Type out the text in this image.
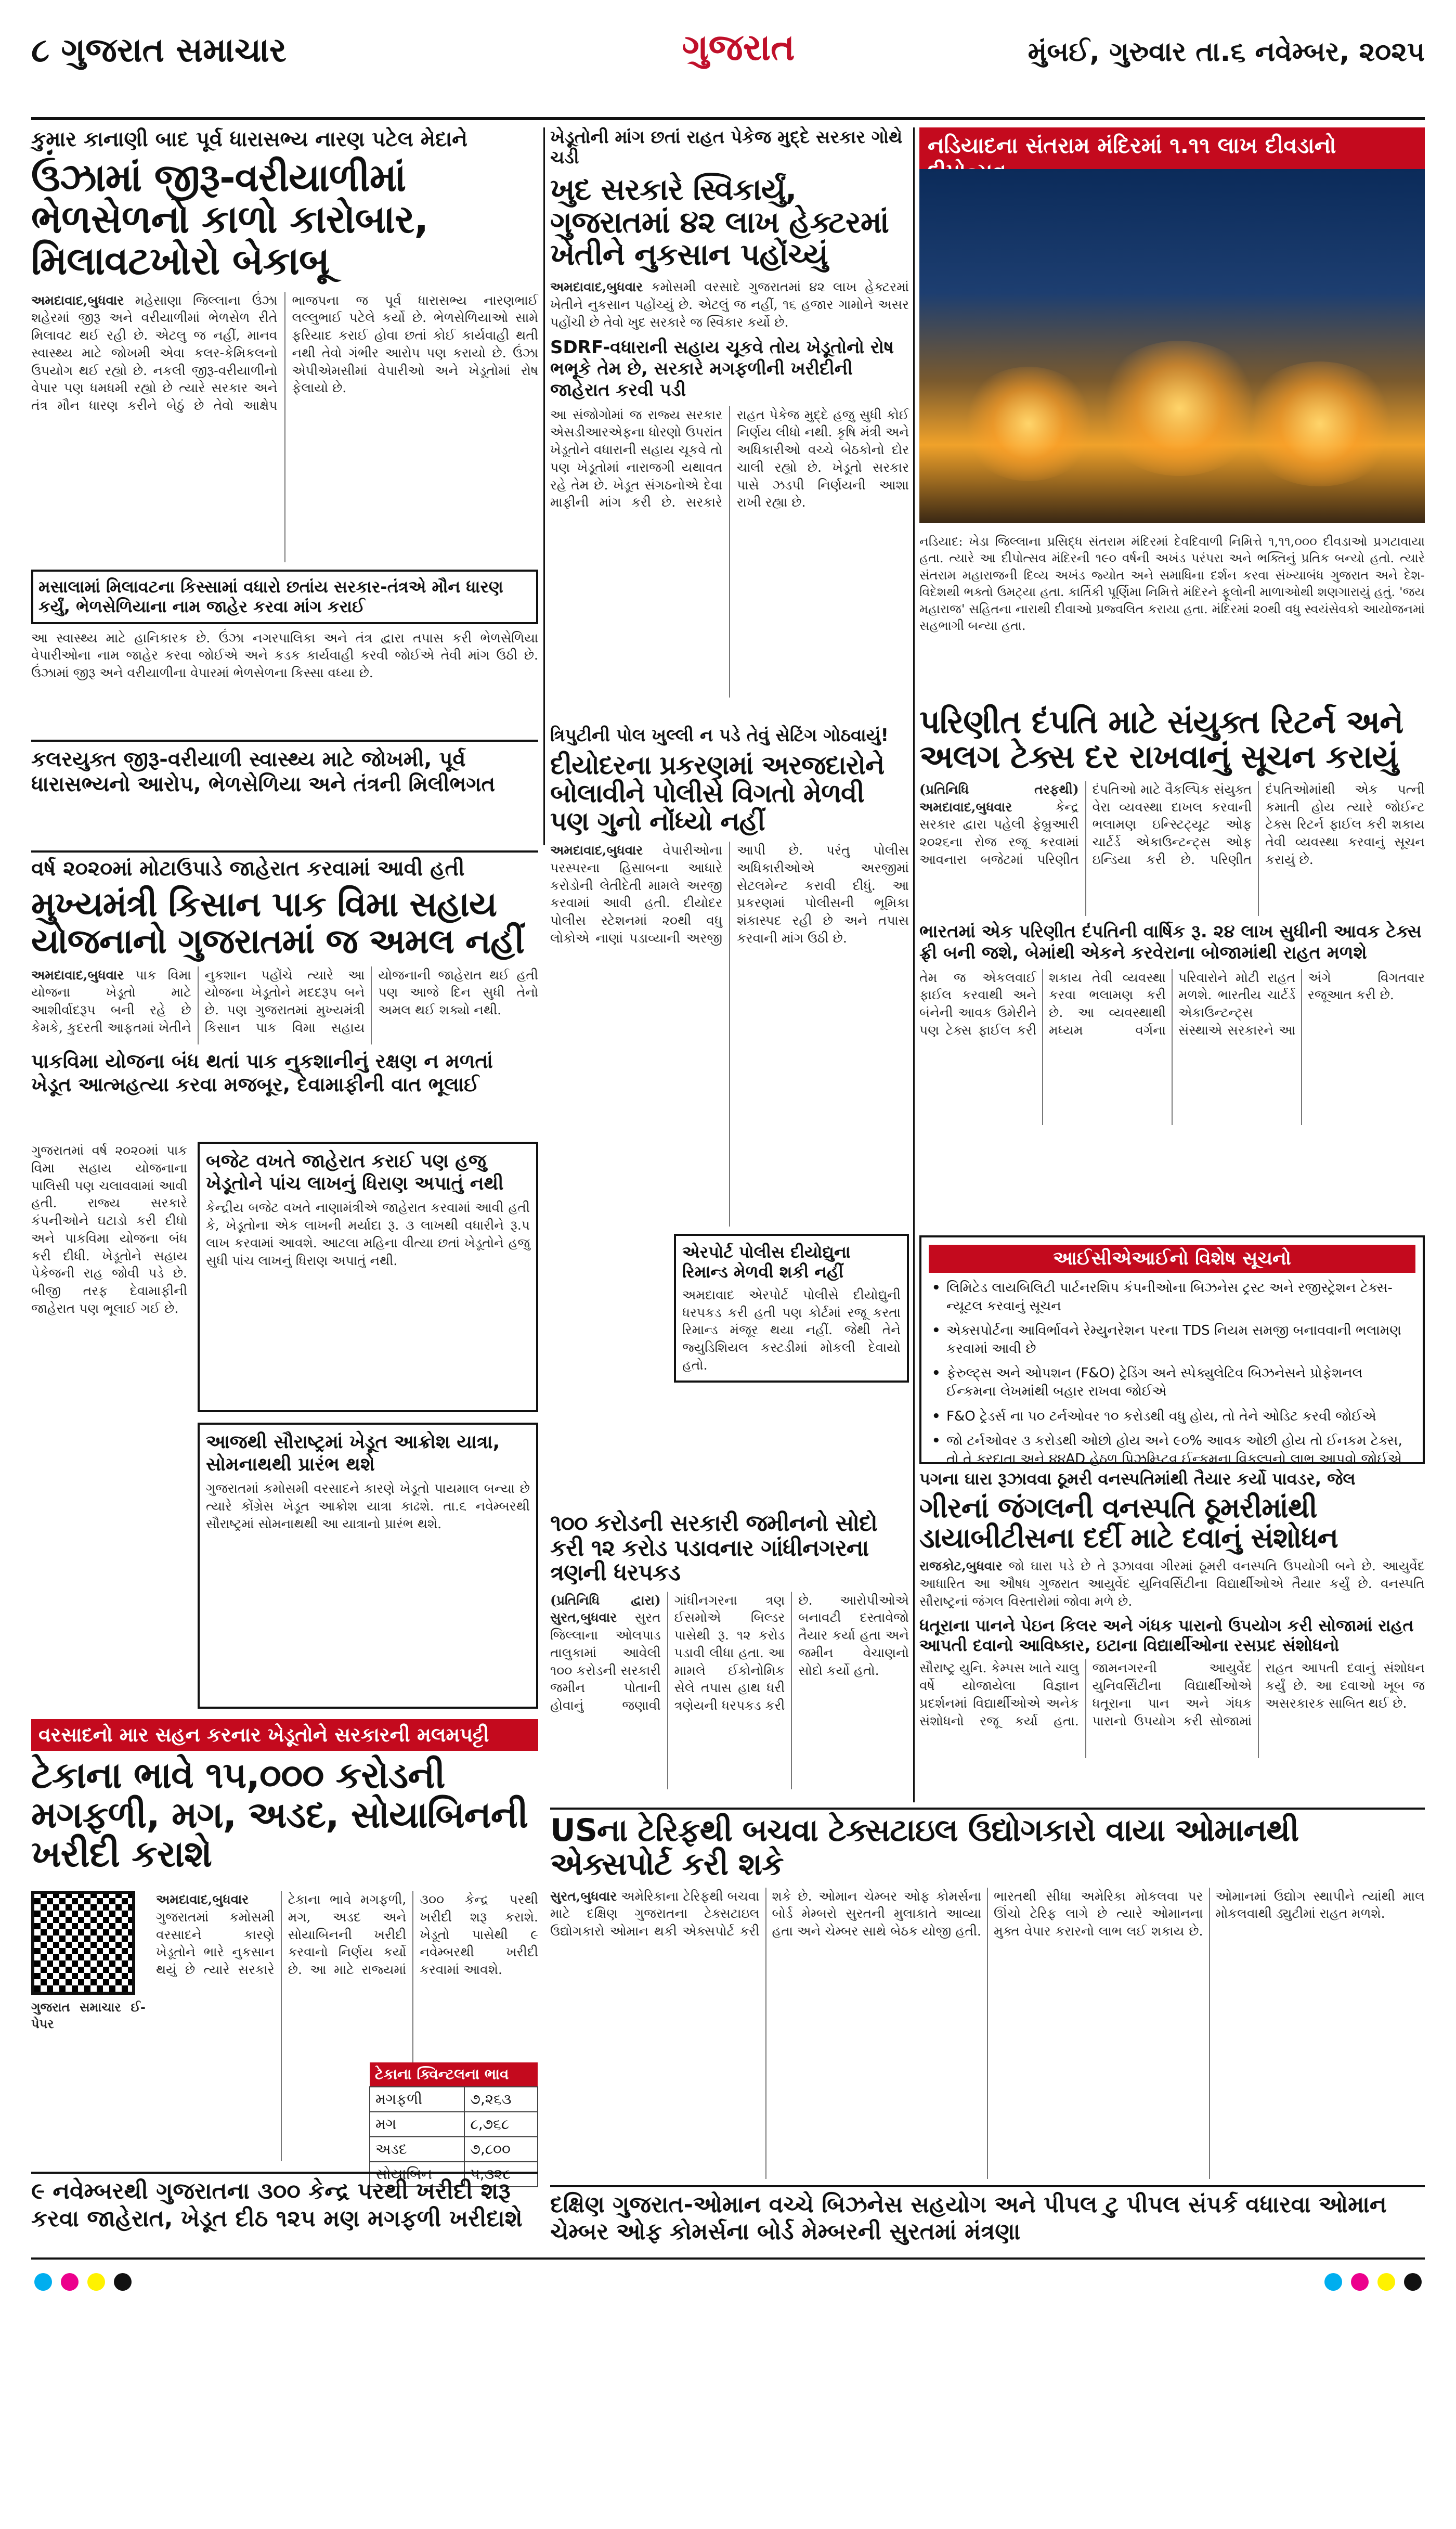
૮ ગુજરાત સમાચાર	ગુજરાત	મુંબઈ, ગુરુવાર તા.૬ નવેમ્બર, ૨૦૨૫
કુમાર કાનાણી બાદ પૂર્વ ધારાસભ્ય નારણ પટેલ મેદાને
ઉંઝામાં જીરૂ-વરીયાળીમાં ભેળસેળનો કાળો કારોબાર, મિલાવટખોરો બેકાબૂ
અમદાવાદ,બુધવાર મહેસાણા જિલ્લાના ઉંઝા શહેરમાં જીરૂ અને વરીયાળીમાં ભેળસેળ રીતે મિલાવટ થઈ રહી છે. એટલુ જ નહીં, માનવ સ્વાસ્થ્ય માટે જોખમી એવા કલર-કેમિકલનો ઉપયોગ થઈ રહ્યો છે. નકલી જીરૂ-વરીયાળીનો વેપાર પણ ધમધમી રહ્યો છે ત્યારે સરકાર અને તંત્ર મૌન ધારણ કરીને બેઠું છે તેવો આક્ષેપ ભાજપના જ પૂર્વ ધારાસભ્ય નારણભાઈ લલ્લુભાઈ પટેલે કર્યો છે. ભેળસેળિયાઓ સામે ફરિયાદ કરાઈ હોવા છતાં કોઈ કાર્યવાહી થતી નથી તેવો ગંભીર આરોપ પણ કરાયો છે. ઉંઝા એપીએમસીમાં વેપારીઓ અને ખેડૂતોમાં રોષ ફેલાયો છે.
મસાલામાં મિલાવટના કિસ્સામાં વધારો છતાંય સરકાર-તંત્રએ મૌન ધારણ કર્યું, ભેળસેળિયાના નામ જાહેર કરવા માંગ કરાઈ
આ સ્વાસ્થ્ય માટે હાનિકારક છે. ઉંઝા નગરપાલિકા અને તંત્ર દ્વારા તપાસ કરી ભેળસેળિયા વેપારીઓના નામ જાહેર કરવા જોઈએ અને કડક કાર્યવાહી કરવી જોઈએ તેવી માંગ ઉઠી છે. ઉંઝામાં જીરૂ અને વરીયાળીના વેપારમાં ભેળસેળના કિસ્સા વધ્યા છે.
કલરયુક્ત જીરૂ-વરીયાળી સ્વાસ્થ્ય માટે જોખમી, પૂર્વ ધારાસભ્યનો આરોપ, ભેળસેળિયા અને તંત્રની મિલીભગત
ખેડૂતોની માંગ છતાં રાહત પેકેજ મુદ્દે સરકાર ગોથે ચડી
ખુદ સરકારે સ્વિકાર્યું, ગુજરાતમાં ૪૨ લાખ હેક્ટરમાં ખેતીને નુકસાન પહોંચ્યું
અમદાવાદ,બુધવાર કમોસમી વરસાદે ગુજરાતમાં ૪૨ લાખ હેક્ટરમાં ખેતીને નુકસાન પહોંચ્યું છે. એટલું જ નહીં, ૧૬ હજાર ગામોને અસર પહોંચી છે તેવો ખુદ સરકારે જ સ્વિકાર કર્યો છે.
SDRF-વધારાની સહાય ચૂકવે તોય ખેડૂતોનો રોષ ભભૂકે તેમ છે, સરકારે મગફળીની ખરીદીની જાહેરાત કરવી પડી
આ સંજોગોમાં જ રાજ્ય સરકાર એસડીઆરએફના ધોરણો ઉપરાંત ખેડૂતોને વધારાની સહાય ચૂકવે તો પણ ખેડૂતોમાં નારાજગી યથાવત રહે તેમ છે. ખેડૂત સંગઠનોએ દેવા માફીની માંગ કરી છે. સરકારે રાહત પેકેજ મુદ્દે હજુ સુધી કોઈ નિર્ણય લીધો નથી. કૃષિ મંત્રી અને અધિકારીઓ વચ્ચે બેઠકોનો દોર ચાલી રહ્યો છે. ખેડૂતો સરકાર પાસે ઝડપી નિર્ણયની આશા રાખી રહ્યા છે.
ત્રિપુટીની પોલ ખુલ્લી ન પડે તેવું સેટિંગ ગોઠવાયું!
દીયોદરના પ્રકરણમાં અરજદારોને બોલાવીને પોલીસે વિગતો મેળવી પણ ગુનો નોંધ્યો નહીં
અમદાવાદ,બુધવાર વેપારીઓના પરસ્પરના હિસાબના આધારે કરોડોની લેતીદેતી મામલે અરજી કરવામાં આવી હતી. દીયોદર પોલીસ સ્ટેશનમાં ૨૦થી વધુ લોકોએ નાણાં પડાવ્યાની અરજી આપી છે. પરંતુ પોલીસ અધિકારીઓએ અરજીમાં સેટલમેન્ટ કરાવી દીધું. આ પ્રકરણમાં પોલીસની ભૂમિકા શંકાસ્પદ રહી છે અને તપાસ કરવાની માંગ ઉઠી છે.
એરપોર્ટ પોલીસ દીયોદ્યુના રિમાન્ડ મેળવી શકી નહીં
અમદાવાદ એરપોર્ટ પોલીસે દીયોદ્યુની ધરપકડ કરી હતી પણ કોર્ટમાં રજૂ કરતા રિમાન્ડ મંજૂર થયા નહીં. જેથી તેને જ્યુડિશિયલ કસ્ટડીમાં મોકલી દેવાયો હતો.
૧૦૦ કરોડની સરકારી જમીનનો સોદો કરી ૧૨ કરોડ પડાવનાર ગાંધીનગરના ત્રણની ધરપકડ
(પ્રતિનિધિ દ્વારા) સુરત,બુધવાર સુરત જિલ્લાના ઓલપાડ તાલુકામાં આવેલી ૧૦૦ કરોડની સરકારી જમીન પોતાની હોવાનું જણાવી ગાંધીનગરના ત્રણ ઈસમોએ બિલ્ડર પાસેથી રૂ. ૧૨ કરોડ પડાવી લીધા હતા. આ મામલે ઈકોનોમિક સેલે તપાસ હાથ ધરી ત્રણેયની ધરપકડ કરી છે. આરોપીઓએ બનાવટી દસ્તાવેજો તૈયાર કર્યા હતા અને જમીન વેચાણનો સોદો કર્યો હતો.
નડિયાદના સંતરામ મંદિરમાં ૧.૧૧ લાખ દીવડાનો
નડિયાદ: ખેડા જિલ્લાના પ્રસિદ્ધ સંતરામ મંદિરમાં દેવદિવાળી નિમિત્તે ૧,૧૧,૦૦૦ દીવડાઓ પ્રગટાવાયા હતા. ત્યારે આ દીપોત્સવ મંદિરની ૧૯૦ વર્ષની અખંડ પરંપરા અને ભક્તિનું પ્રતિક બન્યો હતો. ત્યારે સંતરામ મહારાજની દિવ્ય અખંડ જ્યોત અને સમાધિના દર્શન કરવા સંખ્યાબંધ ગુજરાત અને દેશ-વિદેશથી ભક્તો ઉમટ્યા હતા. કાર્તિકી પૂર્ણિમા નિમિત્તે મંદિરને ફૂલોની માળાઓથી શણગારાયું હતું. 'જય મહારાજ' સહિતના નારાથી દીવાઓ પ્રજ્વલિત કરાયા હતા. મંદિરમાં ૨૦થી વધુ સ્વયંસેવકો આયોજનમાં સહભાગી બન્યા હતા.
પરિણીત દંપતિ માટે સંયુક્ત રિટર્ન અને અલગ ટેક્સ દર રાખવાનું સૂચન કરાયું
(પ્રતિનિધિ તરફથી) અમદાવાદ,બુધવાર	કેન્દ્ર સરકાર દ્વારા પહેલી ફેબ્રુઆરી ૨૦૨૬ના રોજ રજૂ કરવામાં આવનારા બજેટમાં પરિણીત દંપતિઓ માટે વૈકલ્પિક સંયુક્ત વેરા વ્યવસ્થા દાખલ કરવાની ભલામણ ઇન્સ્ટિટ્યૂટ ઓફ ચાર્ટર્ડ એકાઉન્ટન્ટ્સ ઓફ ઇન્ડિયા કરી છે. પરિણીત દંપતિઓમાંથી એક પત્ની કમાતી હોય ત્યારે જોઈન્ટ ટેક્સ રિટર્ન ફાઈલ કરી શકાય તેવી વ્યવસ્થા કરવાનું સૂચન કરાયું છે.
ભારતમાં એક પરિણીત દંપતિની વાર્ષિક રૂ. ૨૪ લાખ સુધીની આવક ટેક્સ ફ્રી બની જશે, બેમાંથી એકને કરવેરાના બોજામાંથી રાહત મળશે
તેમ જ એકલવાઈ ફાઈલ કરવાથી અને બંનેની આવક ઉમેરીને પણ ટેક્સ ફાઈલ કરી શકાય તેવી વ્યવસ્થા કરવા ભલામણ કરી છે. આ વ્યવસ્થાથી મધ્યમ વર્ગના પરિવારોને મોટી રાહત મળશે. ભારતીય ચાર્ટર્ડ એકાઉન્ટન્ટ્સ સંસ્થાએ સરકારને આ અંગે વિગતવાર રજૂઆત કરી છે.
આઈસીએઆઈનો વિશેષ સૂચનો
• લિમિટેડ લાયબિલિટી પાર્ટનરશિપ કંપનીઓના બિઝનેસ ટ્રસ્ટ અને રજીસ્ટ્રેશન ટેક્સ-ન્યૂટલ કરવાનું સૂચન
• એક્સપોર્ટના આવિર્ભાવને રેમ્યુનરેશન પરના TDS નિયમ સમજી બનાવવાની ભલામણ કરવામાં આવી છે
• ફેરુલ્ટ્સ અને ઓપશન (F&O) ટ્રેડિંગ અને સ્પેક્યુલેટિવ બિઝનેસને પ્રોફેશનલ ઈન્કમના લેખમાંથી બહાર રાખવા જોઈએ
• F&O ટ્રેડર્સ ના ૫૦ ટર્નઓવર ૧૦ કરોડથી વધુ હોય, તો તેને ઓડિટ કરવી જોઈએ
• જો ટર્નઓવર ૩ કરોડથી ઓછો હોય અને ૯૦% આવક ઓછી હોય તો ઈનકમ ટેક્સ, તો તે કરદાતા અને ૪૪AD હેઠળ પ્રિઝમ્પ્ટિવ ઈન્કમના વિકલ્પનો લાભ આપવો જોઈએ
પગના ઘારા રૂઝાવવા ઠૂમરી વનસ્પતિમાંથી તૈયાર કર્યો પાવડર, જેલ
ગીરનાં જંગલની વનસ્પતિ ઠૂમરીમાંથી ડાયાબીટીસના દર્દી માટે દવાનું સંશોધન
રાજકોટ,બુધવાર જો ઘારા પડે છે તે રૂઝાવવા ગીરમાં ઠૂમરી વનસ્પતિ ઉપયોગી બને છે. આયુર્વેદ આધારિત આ ઔષધ ગુજરાત આયુર્વેદ યુનિવર્સિટીના વિદ્યાર્થીઓએ તૈયાર કર્યું છે. વનસ્પતિ સૌરાષ્ટ્રનાં જંગલ વિસ્તારોમાં જોવા મળે છે.
ધતૂરાના પાનને પેઇન કિલર અને ગંધક પારાનો ઉપયોગ કરી સોજામાં રાહત આપતી દવાનો આવિષ્કાર, ઇટાના વિદ્યાર્થીઓના રસપ્રદ સંશોધનો
સૌરાષ્ટ્ર યુનિ. કેમ્પસ ખાતે ચાલુ વર્ષે યોજાયેલા વિજ્ઞાન પ્રદર્શનમાં વિદ્યાર્થીઓએ અનેક સંશોધનો રજૂ કર્યા હતા. જામનગરની આયુર્વેદ યુનિવર્સિટીના વિદ્યાર્થીઓએ ધતૂરાના પાન અને ગંધક પારાનો ઉપયોગ કરી સોજામાં રાહત આપતી દવાનું સંશોધન કર્યું છે. આ દવાઓ ખૂબ જ અસરકારક સાબિત થઈ છે.
વર્ષ ૨૦૨૦માં મોટાઉપાડે જાહેરાત કરવામાં આવી હતી
મુખ્યમંત્રી કિસાન પાક વિમા સહાય યોજનાનો ગુજરાતમાં જ અમલ નહીં
અમદાવાદ,બુધવાર પાક વિમા યોજના ખેડૂતો માટે આશીર્વાદરૂપ બની રહે છે કેમકે, કુદરતી આફતમાં ખેતીને નુકશાન પહોંચે ત્યારે આ યોજના ખેડૂતોને મદદરૂપ બને છે. પણ ગુજરાતમાં મુખ્યમંત્રી કિસાન પાક વિમા સહાય યોજનાની જાહેરાત થઈ હતી પણ આજે દિન સુધી તેનો અમલ થઈ શક્યો નથી.
પાકવિમા યોજના બંધ થતાં પાક નુકશાનીનું રક્ષણ ન મળતાં ખેડૂત આત્મહત્યા કરવા મજબૂર, દેવામાફીની વાત ભૂલાઈ
ગુજરાતમાં વર્ષ ૨૦૨૦માં પાક વિમા સહાય યોજનાના પાલિસી પણ ચલાવવામાં આવી હતી. રાજ્ય સરકારે કંપનીઓને ઘટાડો કરી દીધો અને પાકવિમા યોજના બંધ કરી દીધી. ખેડૂતોને સહાય પેકેજની રાહ જોવી પડે છે. બીજી તરફ દેવામાફીની જાહેરાત પણ ભૂલાઈ ગઈ છે.
બજેટ વખતે જાહેરાત કરાઈ પણ હજુ ખેડૂતોને પાંચ લાખનું ધિરાણ અપાતું નથી
કેન્દ્રીય બજેટ વખતે નાણામંત્રીએ જાહેરાત કરવામાં આવી હતી કે, ખેડૂતોના એક લાખની મર્યાદા રૂ. ૩ લાખથી વધારીને રૂ.પ લાખ કરવામાં આવશે. આટલા મહિના વીત્યા છતાં ખેડૂતોને હજુ સુધી પાંચ લાખનું ધિરાણ અપાતું નથી.
આજથી સૌરાષ્ટ્રમાં ખેડૂત આક્રોશ યાત્રા, સોમનાથથી પ્રારંભ થશે
ગુજરાતમાં કમોસમી વરસાદને કારણે ખેડૂતો પાયમાલ બન્યા છે ત્યારે કોંગ્રેસ ખેડૂત આક્રોશ યાત્રા કાઢશે. તા.૬ નવેમ્બરથી સૌરાષ્ટ્રમાં સોમનાથથી આ યાત્રાનો પ્રારંભ થશે.
વરસાદનો માર સહન કરનાર ખેડૂતોને સરકારની મલમપટ્ટી
ટેકાના ભાવે ૧૫,૦૦૦ કરોડની મગફળી, મગ, અડદ, સોયાબિનની ખરીદી કરાશે
ગુજરાત સમાચાર ઈ-પેપર
અમદાવાદ,બુધવાર ગુજરાતમાં કમોસમી વરસાદને કારણે ખેડૂતોને ભારે નુકસાન થયું છે ત્યારે સરકારે ટેકાના ભાવે મગફળી, મગ, અડદ અને સોયાબિનની ખરીદી કરવાનો નિર્ણય કર્યો છે. આ માટે રાજ્યમાં ૩૦૦ કેન્દ્ર પરથી ખરીદી શરૂ કરાશે. ખેડૂતો પાસેથી ૯ નવેમ્બરથી ખરીદી કરવામાં આવશે.
ટેકાના ક્વિન્ટલના ભાવ	
મગફળી	૭,૨૬૩
મગ	૮,૭૬૮
અડદ	૭,૮૦૦
સોયાબિન	૫,૩૨૮
૯ નવેમ્બરથી ગુજરાતના ૩૦૦ કેન્દ્ર પરથી ખરીદી શરૂ કરવા જાહેરાત, ખેડૂત દીઠ ૧૨૫ મણ મગફળી ખરીદાશે
USના ટેરિફથી બચવા ટેક્સટાઇલ ઉદ્યોગકારો વાયા ઓમાનથી એક્સપોર્ટ કરી શકે
સુરત,બુધવાર અમેરિકાના ટેરિફથી બચવા માટે દક્ષિણ ગુજરાતના ટેક્સટાઇલ ઉદ્યોગકારો ઓમાન થકી એક્સપોર્ટ કરી શકે છે. ઓમાન ચેમ્બર ઓફ કોમર્સના બોર્ડ મેમ્બરો સુરતની મુલાકાતે આવ્યા હતા અને ચેમ્બર સાથે બેઠક યોજી હતી. ભારતથી સીધા અમેરિકા મોકલવા પર ઊંચો ટેરિફ લાગે છે ત્યારે ઓમાનના મુક્ત વેપાર કરારનો લાભ લઈ શકાય છે. ઓમાનમાં ઉદ્યોગ સ્થાપીને ત્યાંથી માલ મોકલવાથી ડ્યુટીમાં રાહત મળશે.
દક્ષિણ ગુજરાત-ઓમાન વચ્ચે બિઝનેસ સહયોગ અને પીપલ ટુ પીપલ સંપર્ક વધારવા ઓમાન ચેમ્બર ઓફ કોમર્સના બોર્ડ મેમ્બરની સુરતમાં મંત્રણા
